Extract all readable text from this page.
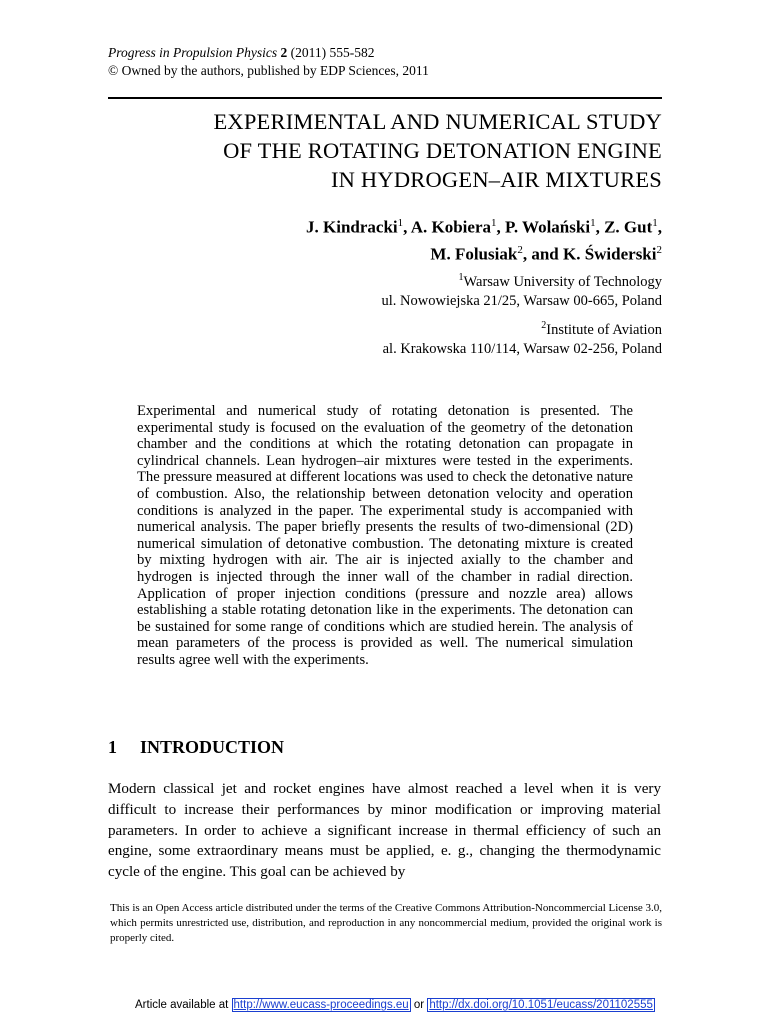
Progress in Propulsion Physics 2 (2011) 555-582
© Owned by the authors, published by EDP Sciences, 2011
EXPERIMENTAL AND NUMERICAL STUDY
OF THE ROTATING DETONATION ENGINE
IN HYDROGEN–AIR MIXTURES
J. Kindracki$^1$, A. Kobiera$^1$, P. Wolański$^1$, Z. Gut$^1$,
M. Folusiak$^2$, and K. Świderski$^2$
$^1$Warsaw University of Technology
ul. Nowowiejska 21/25, Warsaw 00-665, Poland
$^2$Institute of Aviation
al. Krakowska 110/114, Warsaw 02-256, Poland
Experimental and numerical study of rotating detonation is presented. The experimental study is focused on the evaluation of the geometry of the detonation chamber and the conditions at which the rotating detonation can propagate in cylindrical channels. Lean hydrogen–air mixtures were tested in the experiments. The pressure measured at different locations was used to check the detonative nature of combustion. Also, the relationship between detonation velocity and operation conditions is analyzed in the paper. The experimental study is accompanied with numerical analysis. The paper briefly presents the results of two-dimensional (2D) numerical simulation of detonative combustion. The detonating mixture is created by mixting hydrogen with air. The air is injected axially to the chamber and hydrogen is injected through the inner wall of the chamber in radial direction. Application of proper injection conditions (pressure and nozzle area) allows establishing a stable rotating detonation like in the experiments. The detonation can be sustained for some range of conditions which are studied herein. The analysis of mean parameters of the process is provided as well. The numerical simulation results agree well with the experiments.
1 INTRODUCTION
Modern classical jet and rocket engines have almost reached a level when it is very difficult to increase their performances by minor modification or improving material parameters. In order to achieve a significant increase in thermal efficiency of such an engine, some extraordinary means must be applied, e. g., changing the thermodynamic cycle of the engine. This goal can be achieved by
This is an Open Access article distributed under the terms of the Creative Commons Attribution-Noncommercial License 3.0, which permits unrestricted use, distribution, and reproduction in any noncommercial medium, provided the original work is properly cited.
Article available at http://www.eucass-proceedings.eu or http://dx.doi.org/10.1051/eucass/201102555
